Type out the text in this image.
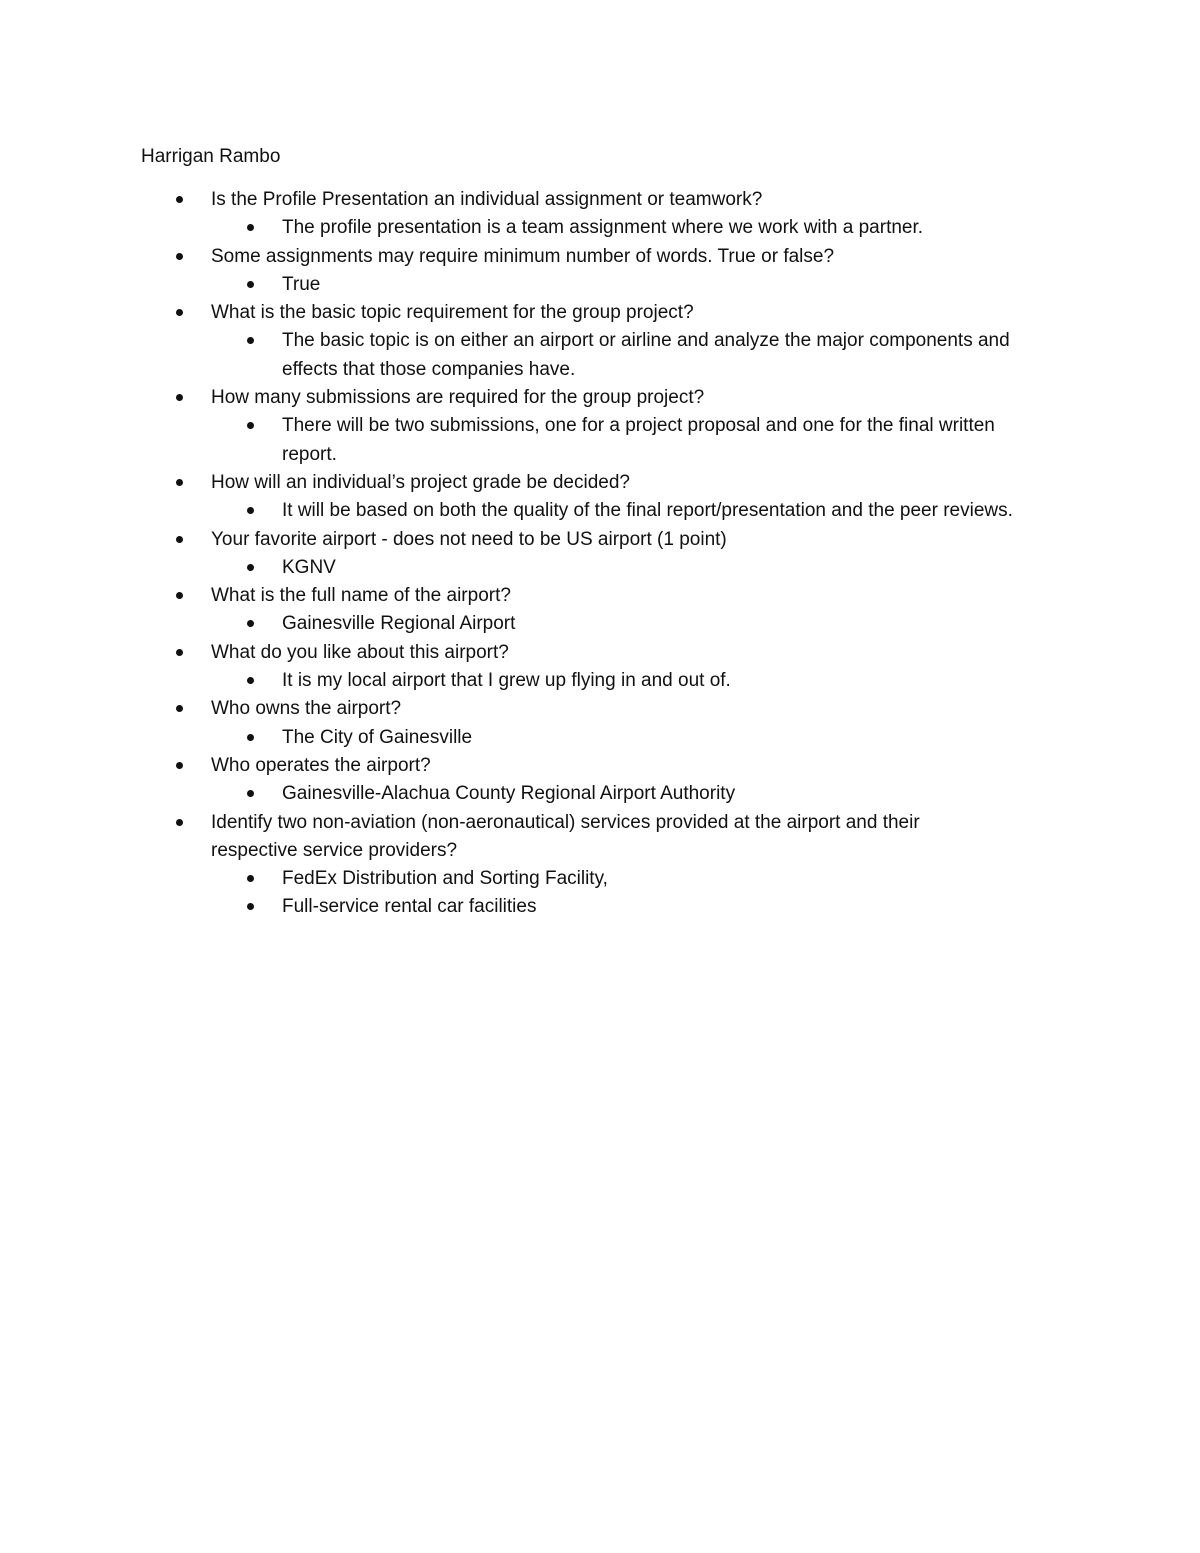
Harrigan Rambo
Is the Profile Presentation an individual assignment or teamwork?
The profile presentation is a team assignment where we work with a partner.
Some assignments may require minimum number of words. True or false?
True
What is the basic topic requirement for the group project?
The basic topic is on either an airport or airline and analyze the major components and effects that those companies have.
How many submissions are required for the group project?
There will be two submissions, one for a project proposal and one for the final written report.
How will an individual’s project grade be decided?
It will be based on both the quality of the final report/presentation and the peer reviews.
Your favorite airport - does not need to be US airport (1 point)
KGNV
What is the full name of the airport?
Gainesville Regional Airport
What do you like about this airport?
It is my local airport that I grew up flying in and out of.
Who owns the airport?
The City of Gainesville
Who operates the airport?
Gainesville-Alachua County Regional Airport Authority
Identify two non-aviation (non-aeronautical) services provided at the airport and their respective service providers?
FedEx Distribution and Sorting Facility,
Full-service rental car facilities
